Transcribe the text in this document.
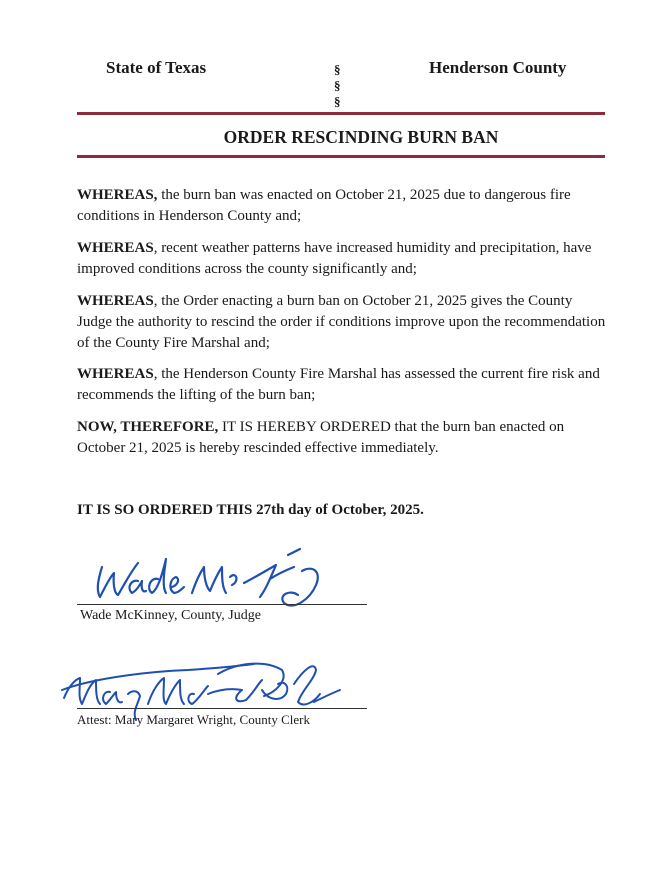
State of Texas	Henderson County
§
§
§
ORDER RESCINDING BURN BAN

WHEREAS, the burn ban was enacted on October 21, 2025 due to dangerous fire conditions in Henderson County and;

WHEREAS, recent weather patterns have increased humidity and precipitation, have improved conditions across the county significantly and;

WHEREAS, the Order enacting a burn ban on October 21, 2025 gives the County Judge the authority to rescind the order if conditions improve upon the recommendation of the County Fire Marshal and;

WHEREAS, the Henderson County Fire Marshal has assessed the current fire risk and recommends the lifting of the burn ban;

NOW, THEREFORE, IT IS HEREBY ORDERED that the burn ban enacted on October 21, 2025 is hereby rescinded effective immediately.

IT IS SO ORDERED THIS 27th day of October, 2025.
Wade McKinney, County, Judge
Attest: Mary Margaret Wright, County Clerk
